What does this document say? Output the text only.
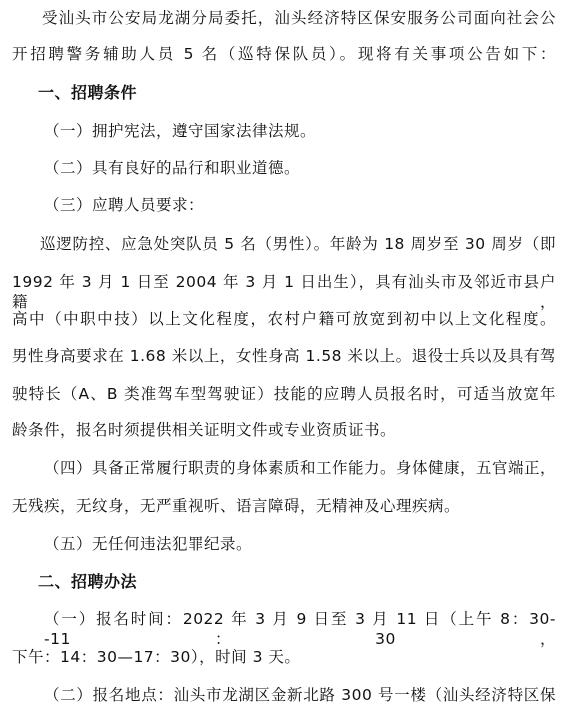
受汕头市公安局龙湖分局委托，汕头经济特区保安服务公司面向社会公
开招聘警务辅助人员 5 名（巡特保队员）。现将有关事项公告如下：
一、招聘条件
（一）拥护宪法，遵守国家法律法规。
（二）具有良好的品行和职业道德。
（三）应聘人员要求：
巡逻防控、应急处突队员 5 名（男性）。年龄为 18 周岁至 30 周岁（即
1992 年 3 月 1 日至 2004 年 3 月 1 日出生），具有汕头市及邻近市县户籍，
高中（中职中技）以上文化程度，农村户籍可放宽到初中以上文化程度。
男性身高要求在 1.68 米以上，女性身高 1.58 米以上。退役士兵以及具有驾
驶特长（A、B 类准驾车型驾驶证）技能的应聘人员报名时，可适当放宽年
龄条件，报名时须提供相关证明文件或专业资质证书。
（四）具备正常履行职责的身体素质和工作能力。身体健康，五官端正，
无残疾，无纹身，无严重视听、语言障碍，无精神及心理疾病。
（五）无任何违法犯罪纪录。
二、招聘办法
（一）报名时间：2022 年 3 月 9 日至 3 月 11 日（上午 8：30--11：30，
下午：14：30—17：30），时间 3 天。
（二）报名地点：汕头市龙湖区金新北路 300 号一楼（汕头经济特区保
